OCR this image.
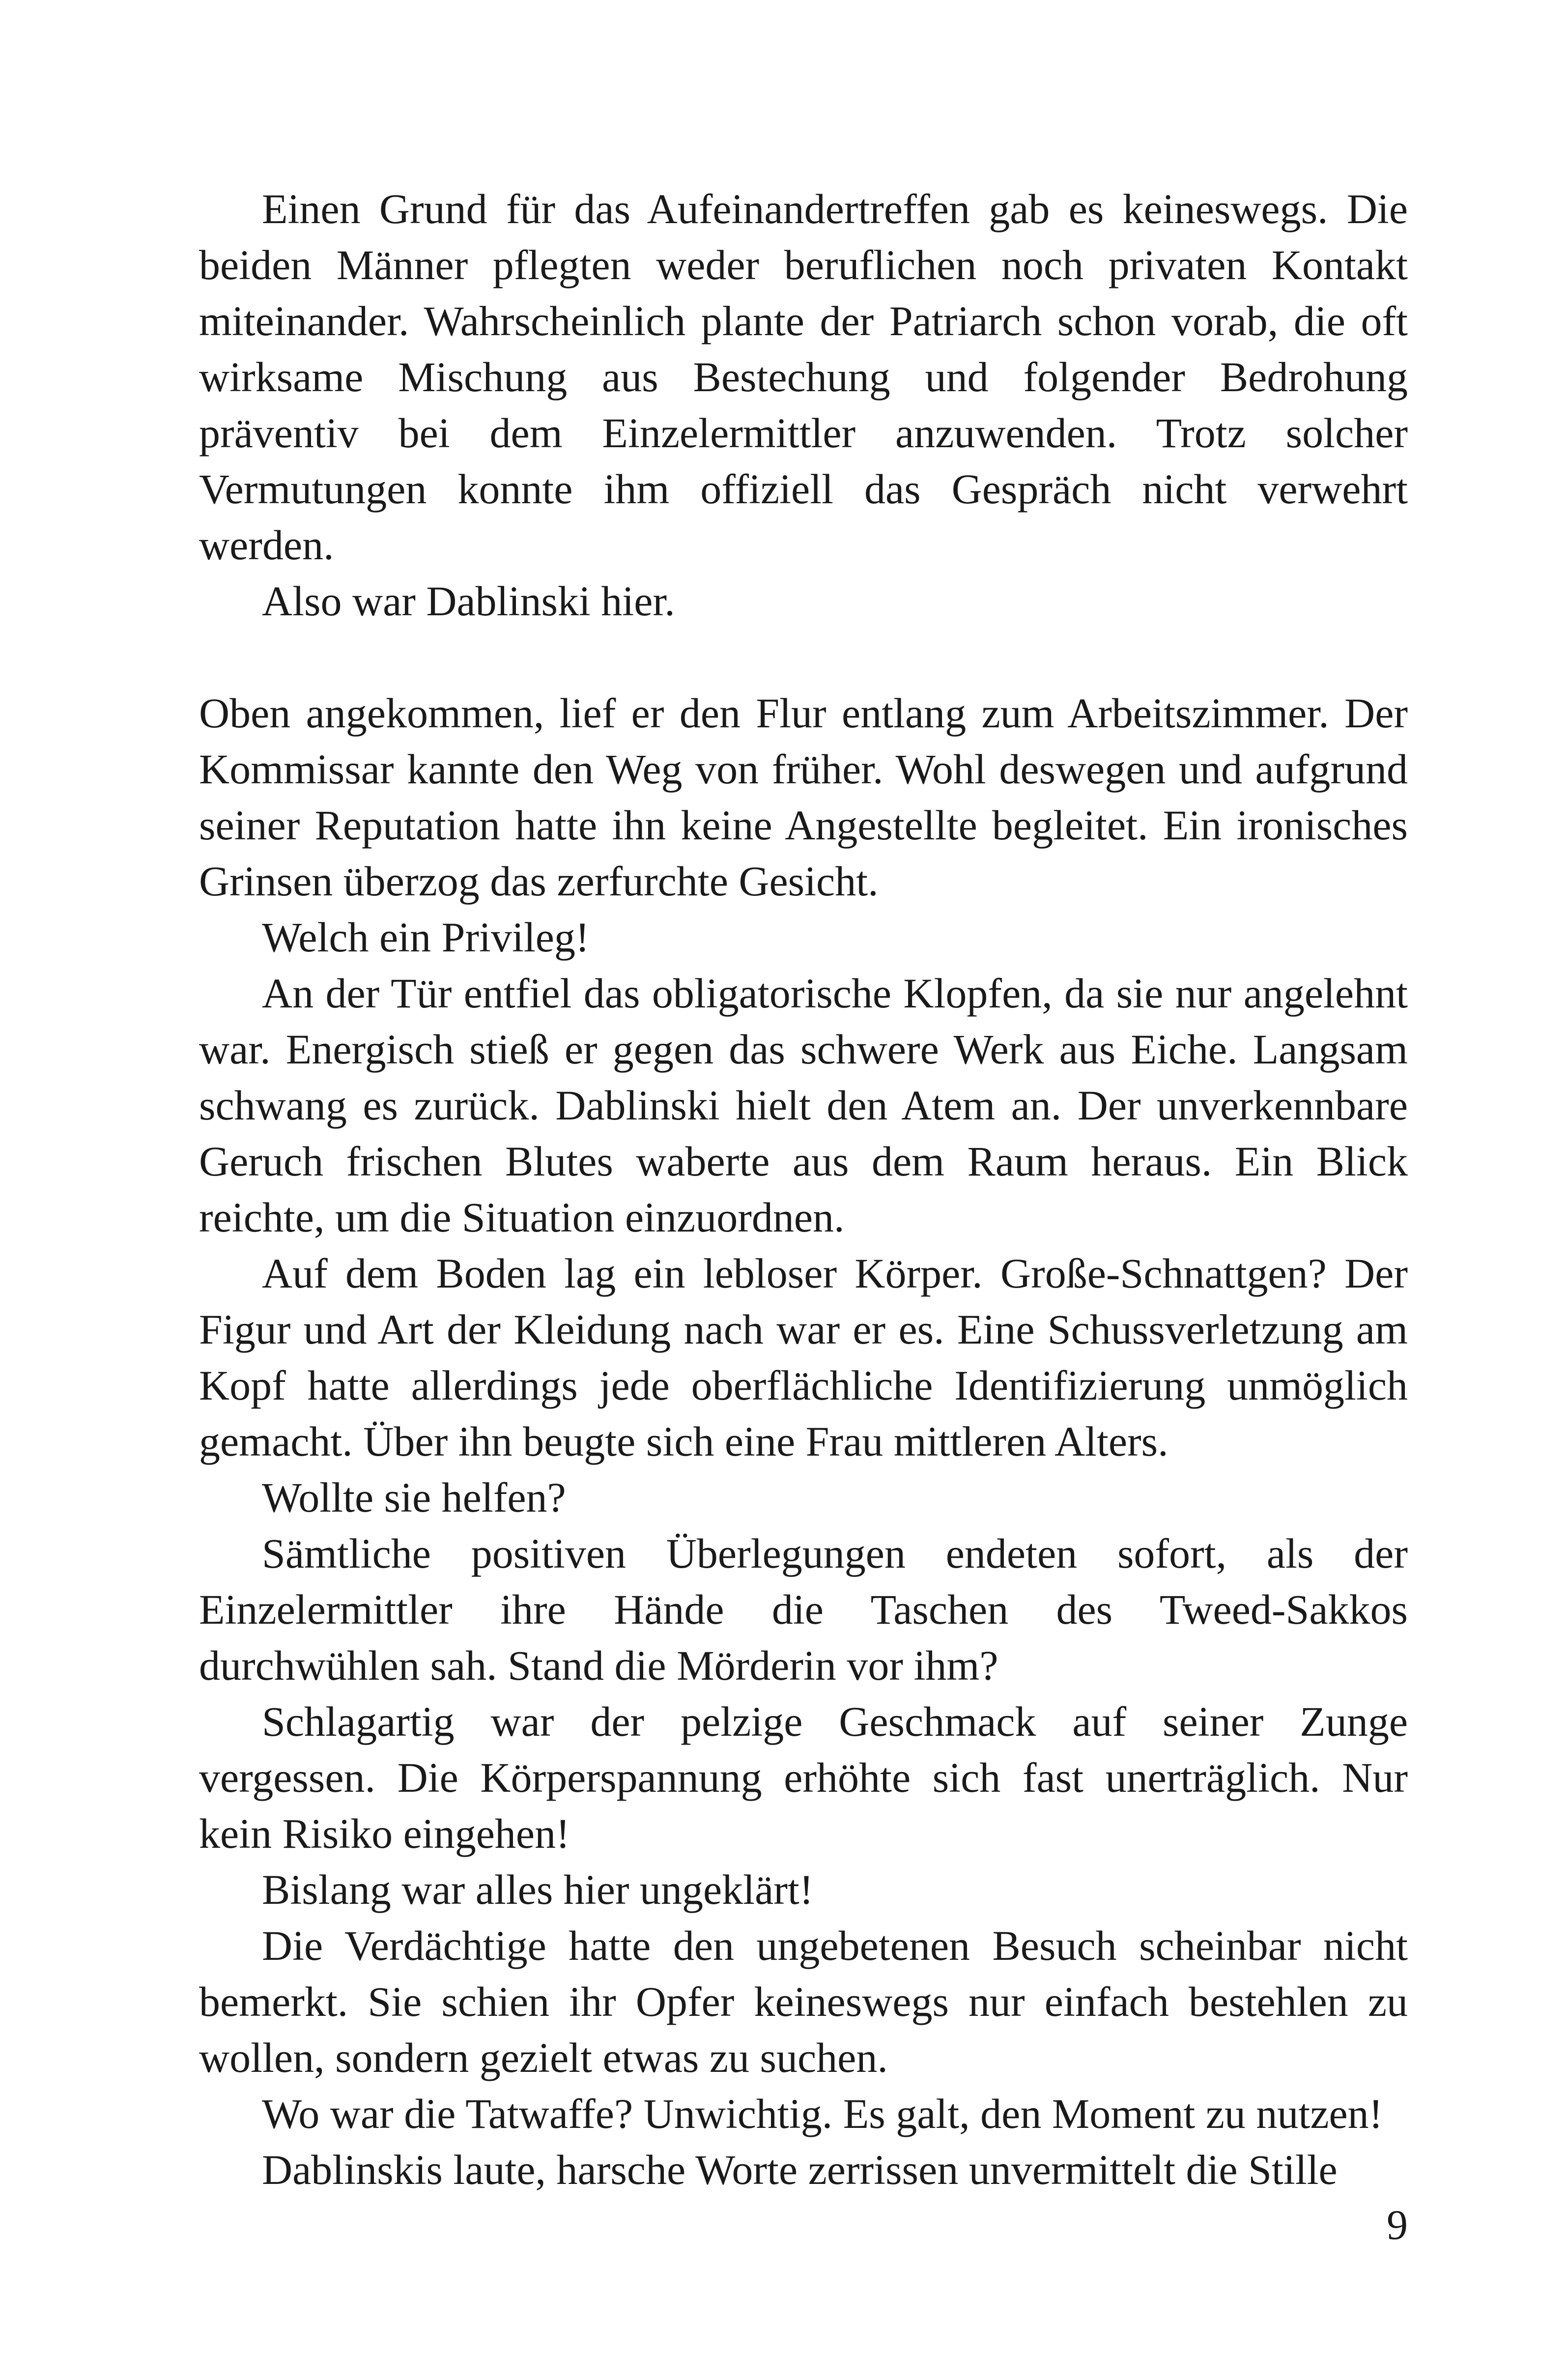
Einen Grund für das Aufeinandertreffen gab es keineswegs. Die beiden Männer pflegten weder beruflichen noch privaten Kontakt miteinander. Wahrscheinlich plante der Patriarch schon vorab, die oft wirksame Mischung aus Bestechung und folgender Bedrohung präventiv bei dem Einzelermittler anzuwenden. Trotz solcher Vermutungen konnte ihm offiziell das Gespräch nicht verwehrt werden.

Also war Dablinski hier.

Oben angekommen, lief er den Flur entlang zum Arbeitszimmer. Der Kommissar kannte den Weg von früher. Wohl deswegen und aufgrund seiner Reputation hatte ihn keine Angestellte begleitet. Ein ironisches Grinsen überzog das zerfurchte Gesicht.

Welch ein Privileg!

An der Tür entfiel das obligatorische Klopfen, da sie nur angelehnt war. Energisch stieß er gegen das schwere Werk aus Eiche. Langsam schwang es zurück. Dablinski hielt den Atem an. Der unverkennbare Geruch frischen Blutes waberte aus dem Raum heraus. Ein Blick reichte, um die Situation einzuordnen.

Auf dem Boden lag ein lebloser Körper. Große-Schnattgen? Der Figur und Art der Kleidung nach war er es. Eine Schussverletzung am Kopf hatte allerdings jede oberflächliche Identifizierung unmöglich gemacht. Über ihn beugte sich eine Frau mittleren Alters.

Wollte sie helfen?

Sämtliche positiven Überlegungen endeten sofort, als der Einzelermittler ihre Hände die Taschen des Tweed-Sakkos durchwühlen sah. Stand die Mörderin vor ihm?

Schlagartig war der pelzige Geschmack auf seiner Zunge vergessen. Die Körperspannung erhöhte sich fast unerträglich. Nur kein Risiko eingehen!

Bislang war alles hier ungeklärt!

Die Verdächtige hatte den ungebetenen Besuch scheinbar nicht bemerkt. Sie schien ihr Opfer keineswegs nur einfach bestehlen zu wollen, sondern gezielt etwas zu suchen.

Wo war die Tatwaffe? Unwichtig. Es galt, den Moment zu nutzen!

Dablinskis laute, harsche Worte zerrissen unvermittelt die Stille

9
